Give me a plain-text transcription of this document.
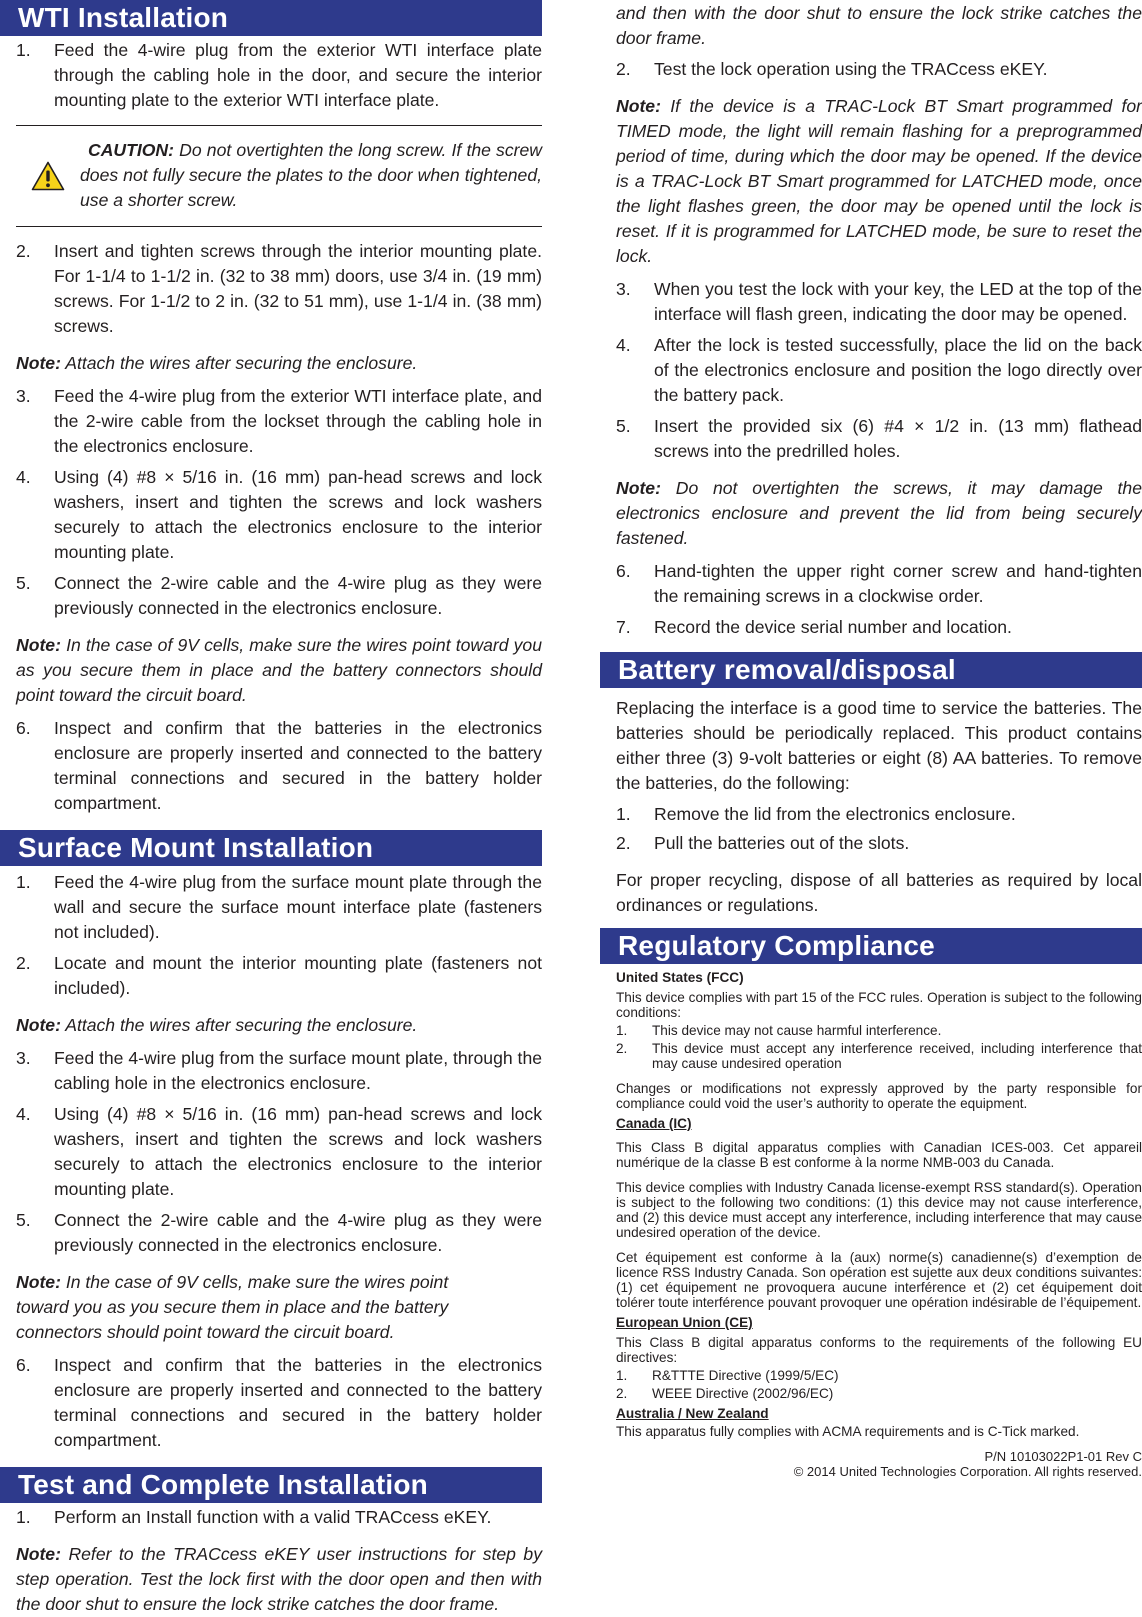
WTI Installation
1.	Feed the 4-wire plug from the exterior WTI interface plate through the cabling hole in the door, and secure the interior mounting plate to the exterior WTI interface plate.
CAUTION: Do not overtighten the long screw. If the screw does not fully secure the plates to the door when tightened, use a shorter screw.
2.	Insert and tighten screws through the interior mounting plate. For 1-1/4 to 1-1/2 in. (32 to 38 mm) doors, use 3/4 in. (19 mm) screws. For 1-1/2 to 2 in. (32 to 51 mm), use 1-1/4 in. (38 mm) screws.
Note: Attach the wires after securing the enclosure.
3.	Feed the 4-wire plug from the exterior WTI interface plate, and the 2-wire cable from the lockset through the cabling hole in the electronics enclosure.
4.	Using (4) #8 × 5/16 in. (16 mm) pan-head screws and lock washers, insert and tighten the screws and lock washers securely to attach the electronics enclosure to the interior mounting plate.
5.	Connect the 2-wire cable and the 4-wire plug as they were previously connected in the electronics enclosure.
Note: In the case of 9V cells, make sure the wires point toward you as you secure them in place and the battery connectors should point toward the circuit board.
6.	Inspect and confirm that the batteries in the electronics enclosure are properly inserted and connected to the battery terminal connections and secured in the battery holder compartment.
Surface Mount Installation
1.	Feed the 4-wire plug from the surface mount plate through the wall and secure the surface mount interface plate (fasteners not included).
2.	Locate and mount the interior mounting plate (fasteners not included).
Note: Attach the wires after securing the enclosure.
3.	Feed the 4-wire plug from the surface mount plate, through the cabling hole in the electronics enclosure.
4.	Using (4) #8 × 5/16 in. (16 mm) pan-head screws and lock washers, insert and tighten the screws and lock washers securely to attach the electronics enclosure to the interior mounting plate.
5.	Connect the 2-wire cable and the 4-wire plug as they were previously connected in the electronics enclosure.
Note: In the case of 9V cells, make sure the wires point
toward you as you secure them in place and the battery
connectors should point toward the circuit board.
6.	Inspect and confirm that the batteries in the electronics enclosure are properly inserted and connected to the battery terminal connections and secured in the battery holder compartment.
Test and Complete Installation
1.	Perform an Install function with a valid TRACcess eKEY.
Note: Refer to the TRACcess eKEY user instructions for step by step operation. Test the lock first with the door open and then with the door shut to ensure the lock strike catches the door frame.
and then with the door shut to ensure the lock strike catches the door frame.
2.	Test the lock operation using the TRACcess eKEY.
Note: If the device is a TRAC-Lock BT Smart programmed for TIMED mode, the light will remain flashing for a preprogrammed period of time, during which the door may be opened. If the device is a TRAC-Lock BT Smart programmed for LATCHED mode, once the light flashes green, the door may be opened until the lock is reset. If it is programmed for LATCHED mode, be sure to reset the lock.
3.	When you test the lock with your key, the LED at the top of the interface will flash green, indicating the door may be opened.
4.	After the lock is tested successfully, place the lid on the back of the electronics enclosure and position the logo directly over the battery pack.
5.	Insert the provided six (6) #4 × 1/2 in. (13 mm) flathead screws into the predrilled holes.
Note: Do not overtighten the screws, it may damage the electronics enclosure and prevent the lid from being securely fastened.
6.	Hand-tighten the upper right corner screw and hand-tighten the remaining screws in a clockwise order.
7.	Record the device serial number and location.
Battery removal/disposal
Replacing the interface is a good time to service the batteries. The batteries should be periodically replaced. This product contains either three (3) 9-volt batteries or eight (8) AA batteries. To remove the batteries, do the following:
1.	Remove the lid from the electronics enclosure.
2.	Pull the batteries out of the slots.
For proper recycling, dispose of all batteries as required by local ordinances or regulations.
Regulatory Compliance
United States (FCC)
This device complies with part 15 of the FCC rules. Operation is subject to the following conditions:
1.	This device may not cause harmful interference.
2.	This device must accept any interference received, including interference that may cause undesired operation
Changes or modifications not expressly approved by the party responsible for compliance could void the user’s authority to operate the equipment.
Canada (IC)
This Class B digital apparatus complies with Canadian ICES-003. Cet appareil numérique de la classe B est conforme à la norme NMB-003 du Canada.
This device complies with Industry Canada license-exempt RSS standard(s). Operation is subject to the following two conditions: (1) this device may not cause interference, and (2) this device must accept any interference, including interference that may cause undesired operation of the device.
Cet équipement est conforme à la (aux) norme(s) canadienne(s) d’exemption de licence RSS Industry Canada. Son opération est sujette aux deux conditions suivantes: (1) cet équipement ne provoquera aucune interférence et (2) cet équipement doit tolérer toute interférence pouvant provoquer une opération indésirable de l’équipement.
European Union (CE)
This Class B digital apparatus conforms to the requirements of the following EU directives:
1.	R&TTTE Directive (1999/5/EC)
2.	WEEE Directive (2002/96/EC)
Australia / New Zealand
This apparatus fully complies with ACMA requirements and is C-Tick marked.
P/N 10103022P1-01 Rev C
© 2014 United Technologies Corporation. All rights reserved.
